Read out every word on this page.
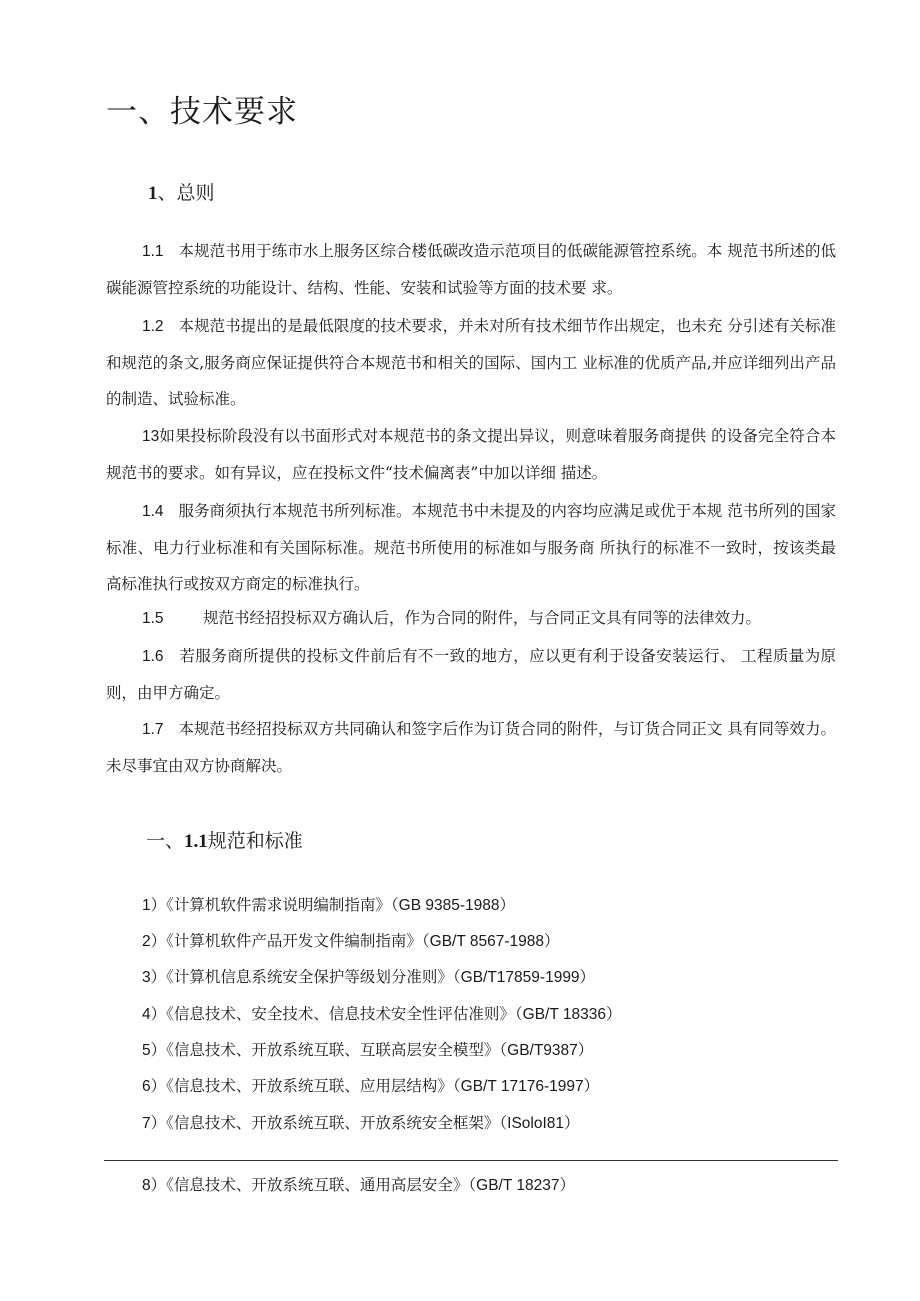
一、技术要求
1、总则

1.1 本规范书用于练市水上服务区综合楼低碳改造示范项目的低碳能源管控系统。本 规范书所述的低碳能源管控系统的功能设计、结构、性能、安装和试验等方面的技术要 求。

1.2 本规范书提出的是最低限度的技术要求，并未对所有技术细节作出规定，也未充 分引述有关标准和规范的条文,服务商应保证提供符合本规范书和相关的国际、国内工 业标准的优质产品,并应详细列出产品的制造、试验标准。

13如果投标阶段没有以书面形式对本规范书的条文提出异议，则意味着服务商提供 的设备完全符合本规范书的要求。如有异议，应在投标文件“技术偏离表”中加以详细 描述。

1.4 服务商须执行本规范书所列标准。本规范书中未提及的内容均应满足或优于本规 范书所列的国家标准、电力行业标准和有关国际标准。规范书所使用的标准如与服务商 所执行的标准不一致时，按该类最高标准执行或按双方商定的标准执行。

1.5	规范书经招投标双方确认后，作为合同的附件，与合同正文具有同等的法律效力。

1.6 若服务商所提供的投标文件前后有不一致的地方，应以更有利于设备安装运行、 工程质量为原则，由甲方确定。

1.7 本规范书经招投标双方共同确认和签字后作为订货合同的附件，与订货合同正文 具有同等效力。未尽事宜由双方协商解决。

一、1.1规范和标准
1）《计算机软件需求说明编制指南》（GB 9385-1988）
2）《计算机软件产品开发文件编制指南》（GB/T 8567-1988）
3）《计算机信息系统安全保护等级划分准则》（GB/T17859-1999）
4）《信息技术、安全技术、信息技术安全性评估准则》（GB/T 18336）
5）《信息技术、开放系统互联、互联高层安全模型》（GB/T9387）
6）《信息技术、开放系统互联、应用层结构》（GB/T 17176-1997）
7）《信息技术、开放系统互联、开放系统安全框架》（ISoloI81）
8）《信息技术、开放系统互联、通用高层安全》（GB/T 18237）
